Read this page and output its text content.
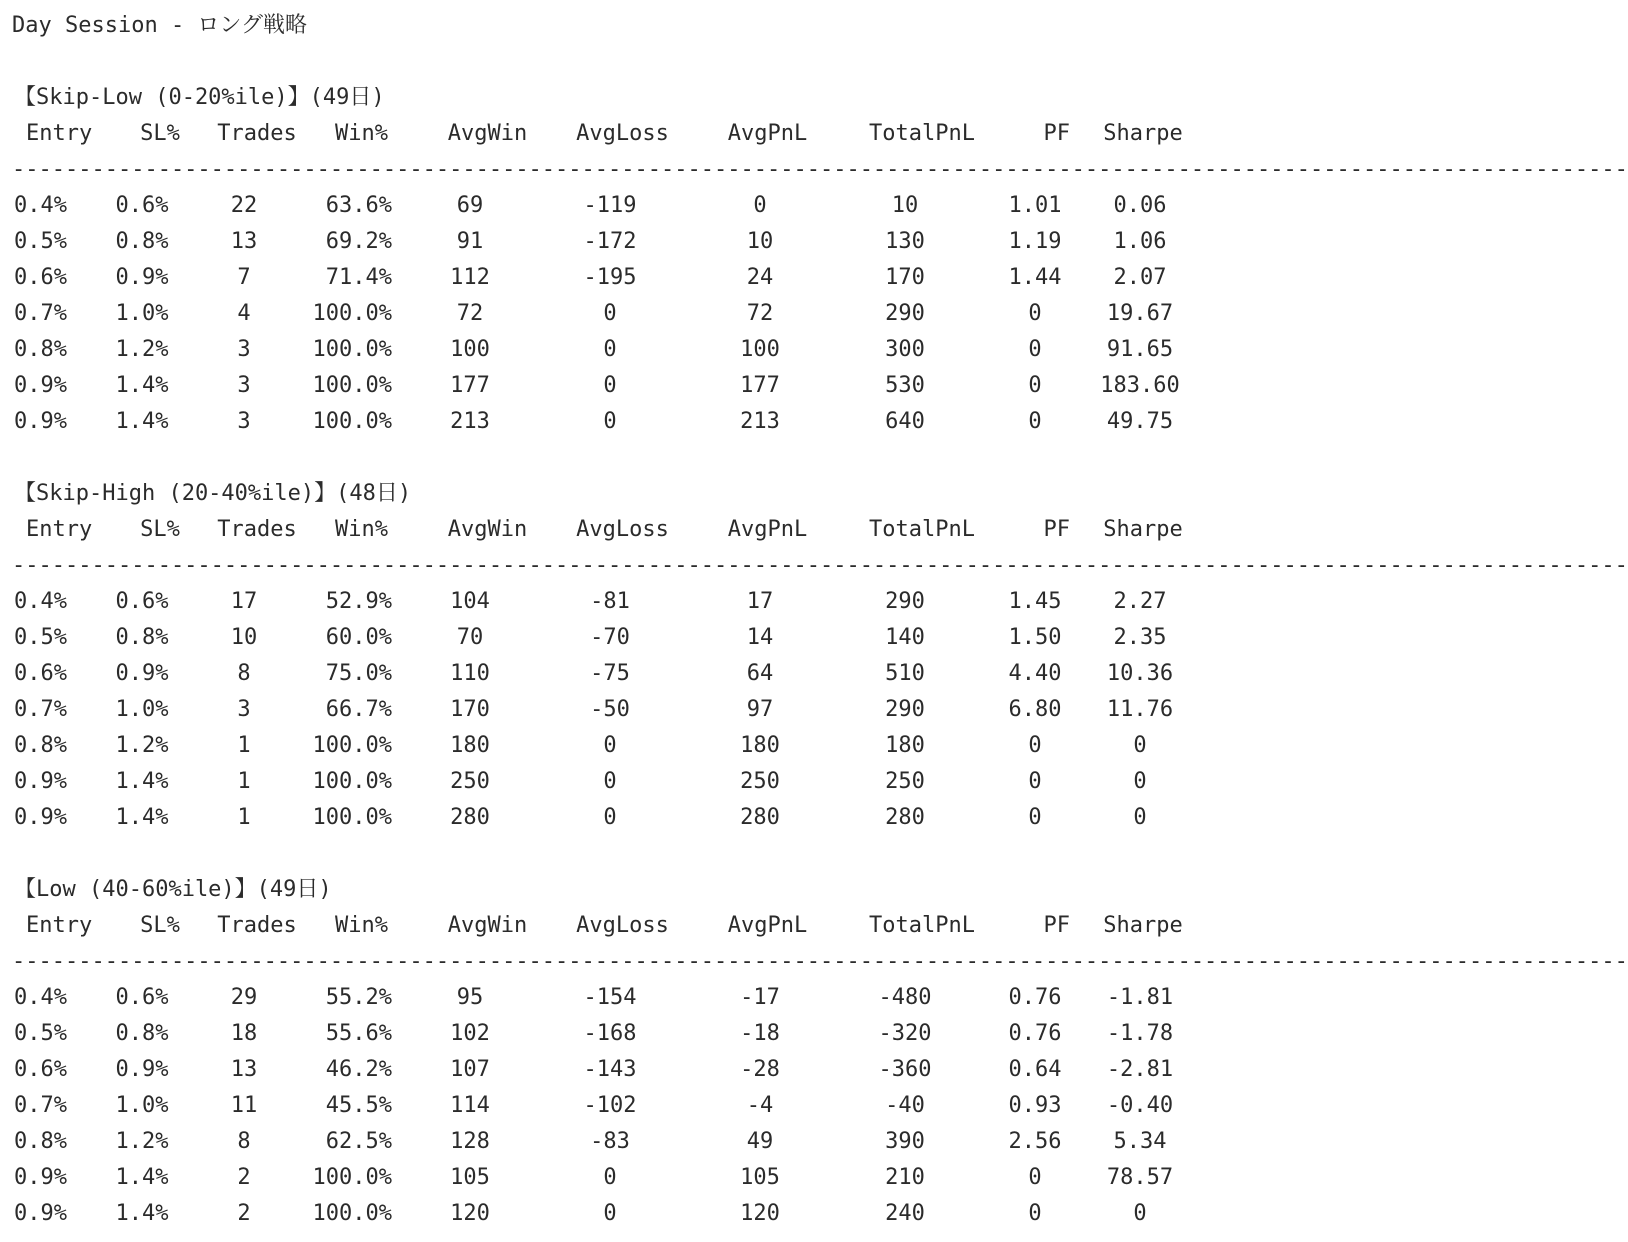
Day Session - ロング戦略
【Skip-Low (0-20%ile)】(49日)
Entry	SL%	Trades	Win%	AvgWin	AvgLoss	AvgPnL	TotalPnL	PF Sharpe
--------------------------------------------------------------------------------------------------------------------------
0.4%	0.6%	22	63.6%	69	-119	0	10	1.01	0.06
0.5%	0.8%	13	69.2%	91	-172	10	130	1.19	1.06
0.6%	0.9%	7	71.4%	112	-195	24	170	1.44	2.07
0.7%	1.0%	4	100.0%	72	0	72	290	0	19.67
0.8%	1.2%	3	100.0%	100	0	100	300	0	91.65
0.9%	1.4%	3	100.0%	177	0	177	530	0	183.60
0.9%	1.4%	3	100.0%	213	0	213	640	0	49.75
【Skip-High (20-40%ile)】(48日)
Entry	SL%	Trades	Win%	AvgWin	AvgLoss	AvgPnL	TotalPnL	PF Sharpe
--------------------------------------------------------------------------------------------------------------------------
0.4%	0.6%	17	52.9%	104	-81	17	290	1.45	2.27
0.5%	0.8%	10	60.0%	70	-70	14	140	1.50	2.35
0.6%	0.9%	8	75.0%	110	-75	64	510	4.40	10.36
0.7%	1.0%	3	66.7%	170	-50	97	290	6.80	11.76
0.8%	1.2%	1	100.0%	180	0	180	180	0	0
0.9%	1.4%	1	100.0%	250	0	250	250	0	0
0.9%	1.4%	1	100.0%	280	0	280	280	0	0
【Low (40-60%ile)】(49日)
Entry	SL%	Trades	Win%	AvgWin	AvgLoss	AvgPnL	TotalPnL	PF Sharpe
--------------------------------------------------------------------------------------------------------------------------
0.4%	0.6%	29	55.2%	95	-154	-17	-480	0.76	-1.81
0.5%	0.8%	18	55.6%	102	-168	-18	-320	0.76	-1.78
0.6%	0.9%	13	46.2%	107	-143	-28	-360	0.64	-2.81
0.7%	1.0%	11	45.5%	114	-102	-4	-40	0.93	-0.40
0.8%	1.2%	8	62.5%	128	-83	49	390	2.56	5.34
0.9%	1.4%	2	100.0%	105	0	105	210	0	78.57
0.9%	1.4%	2	100.0%	120	0	120	240	0	0
